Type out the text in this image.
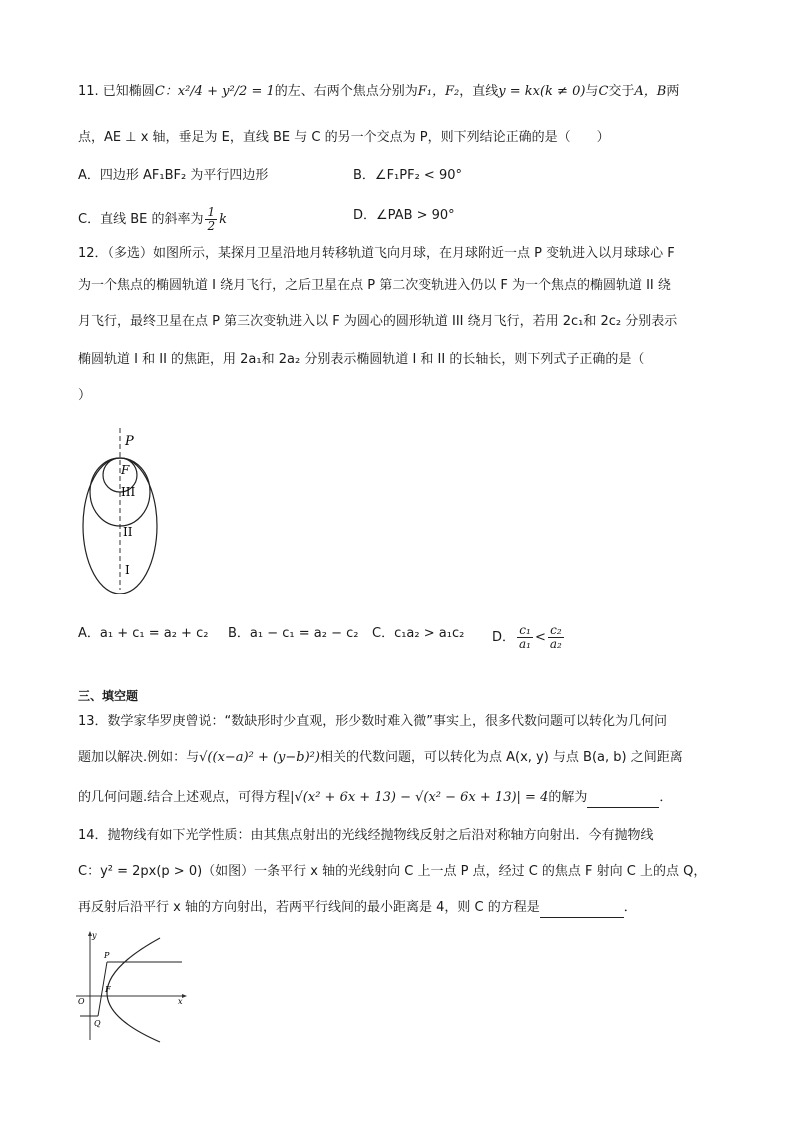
11. 已知椭圆C：x²/4 + y²/2 = 1的左、右两个焦点分别为F₁，F₂，直线y = kx(k ≠ 0)与C交于A，B两
点，AE ⊥ x 轴，垂足为 E，直线 BE 与 C 的另一个交点为 P，则下列结论正确的是（　　）
A．四边形 AF₁BF₂ 为平行四边形	B．∠F₁PF₂ < 90°
C．直线 BE 的斜率为 $\frac{1}{2}$ k	D．∠PAB > 90°
12．（多选）如图所示，某探月卫星沿地月转移轨道飞向月球，在月球附近一点 P 变轨进入以月球球心 F
为一个焦点的椭圆轨道 I 绕月飞行，之后卫星在点 P 第二次变轨进入仍以 F 为一个焦点的椭圆轨道 II 绕
月飞行，最终卫星在点 P 第三次变轨进入以 F 为圆心的圆形轨道 III 绕月飞行，若用 2c₁和 2c₂ 分别表示
椭圆轨道 I 和 II 的焦距，用 2a₁和 2a₂ 分别表示椭圆轨道 I 和 II 的长轴长，则下列式子正确的是（
）
P
F
III
II
I
A．a₁ + c₁ = a₂ + c₂ B．a₁ − c₁ = a₂ − c₂ C．c₁a₂ > a₁c₂ D． $\frac{\text{c₁}}{\text{a₁}} < \frac{\text{c₂}}{\text{a₂}}$
三、填空题
13．数学家华罗庚曾说：“数缺形时少直观，形少数时难入微”事实上，很多代数问题可以转化为几何问
题加以解决.例如：与√((x−a)² + (y−b)²)相关的代数问题，可以转化为点 A(x, y) 与点 B(a, b) 之间距离
的几何问题.结合上述观点，可得方程|√(x² + 6x + 13) − √(x² − 6x + 13)| = 4的解为	．
14．抛物线有如下光学性质：由其焦点射出的光线经抛物线反射之后沿对称轴方向射出．今有抛物线
C：y² = 2px(p > 0)（如图）一条平行 x 轴的光线射向 C 上一点 P 点，经过 C 的焦点 F 射向 C 上的点 Q，
再反射后沿平行 x 轴的方向射出，若两平行线间的最小距离是 4，则 C 的方程是	．
y
x
O
P
F
Q
